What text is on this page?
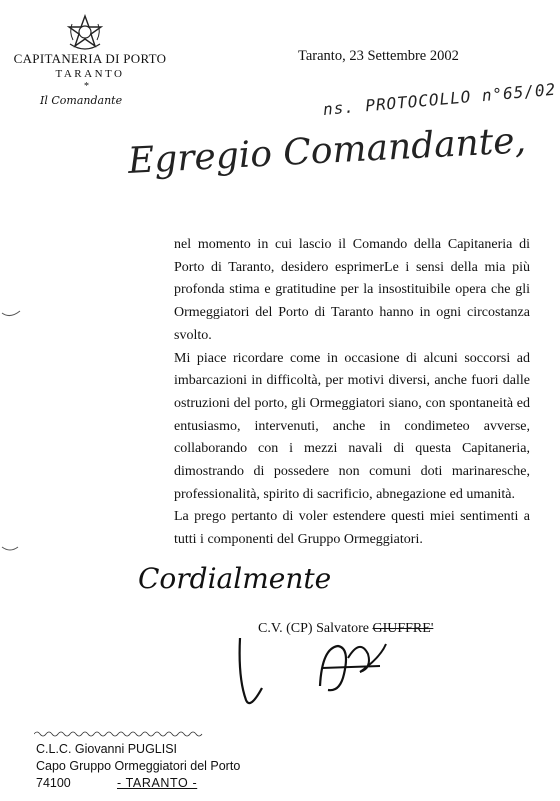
CAPITANERIA DI PORTO
TARANTO
*
Il Comandante
Taranto, 23 Settembre 2002
ns. PROTOCOLLO n°65/02
Egregio Comandante,

nel momento in cui lascio il Comando della Capitaneria di Porto di Taranto, desidero esprimerLe i sensi della mia più profonda stima e gratitudine per la insostituibile opera che gli Ormeggiatori del Porto di Taranto hanno in ogni circostanza svolto.

Mi piace ricordare come in occasione di alcuni soccorsi ad imbarcazioni in difficoltà, per motivi diversi, anche fuori dalle ostruzioni del porto, gli Ormeggiatori siano, con spontaneità ed entusiasmo, intervenuti, anche in condimeteo avverse, collaborando con i mezzi navali di questa Capitaneria, dimostrando di possedere non comuni doti marinaresche, professionalità, spirito di sacrificio, abnegazione ed umanità.

La prego pertanto di voler estendere questi miei sentimenti a tutti i componenti del Gruppo Ormeggiatori.

Cordialmente
C.V. (CP) Salvatore GIUFFRE'
C.L.C. Giovanni PUGLISI
Capo Gruppo Ormeggiatori del Porto
74100	- TARANTO -
